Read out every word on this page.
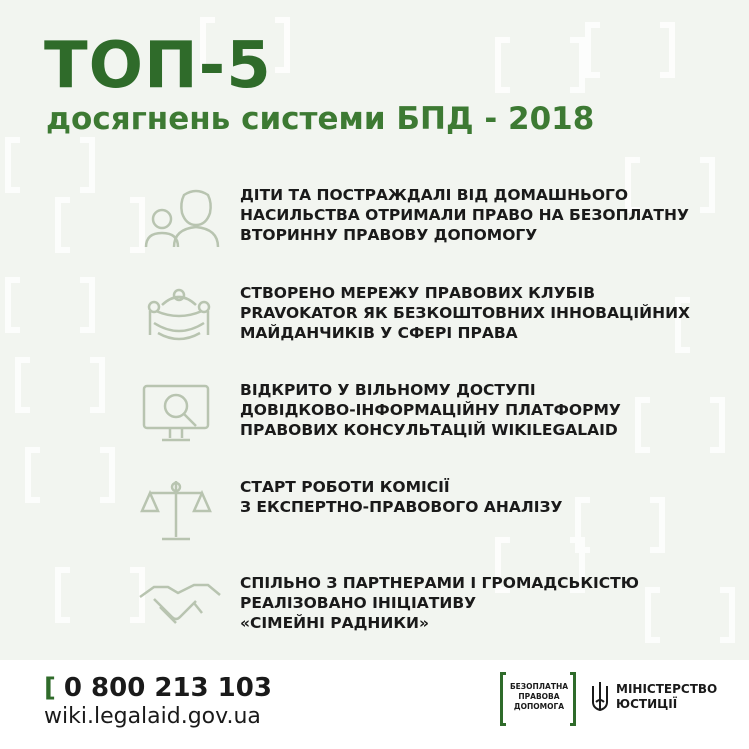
ТОП-5
досягнень системи БПД - 2018
ДІТИ ТА ПОСТРАЖДАЛІ ВІД ДОМАШНЬОГО
НАСИЛЬСТВА ОТРИМАЛИ ПРАВО НА БЕЗОПЛАТНУ
ВТОРИННУ ПРАВОВУ ДОПОМОГУ
СТВОРЕНО МЕРЕЖУ ПРАВОВИХ КЛУБІВ
PRAVOKATOR ЯК БЕЗКОШТОВНИХ ІННОВАЦІЙНИХ
МАЙДАНЧИКІВ У СФЕРІ ПРАВА
ВІДКРИТО У ВІЛЬНОМУ ДОСТУПІ
ДОВІДКОВО-ІНФОРМАЦІЙНУ ПЛАТФОРМУ
ПРАВОВИХ КОНСУЛЬТАЦІЙ WIKILEGALAID
СТАРТ РОБОТИ КОМІСІЇ
З ЕКСПЕРТНО-ПРАВОВОГО АНАЛІЗУ
СПІЛЬНО З ПАРТНЕРАМИ І ГРОМАДСЬКІСТЮ
РЕАЛІЗОВАНО ІНІЦІАТИВУ
«СІМЕЙНІ РАДНИКИ»
[ 0 800 213 103
wiki.legalaid.gov.ua
БЕЗОПЛАТНА
ПРАВОВА
ДОПОМОГА
МІНІСТЕРСТВО
ЮСТИЦІЇ
